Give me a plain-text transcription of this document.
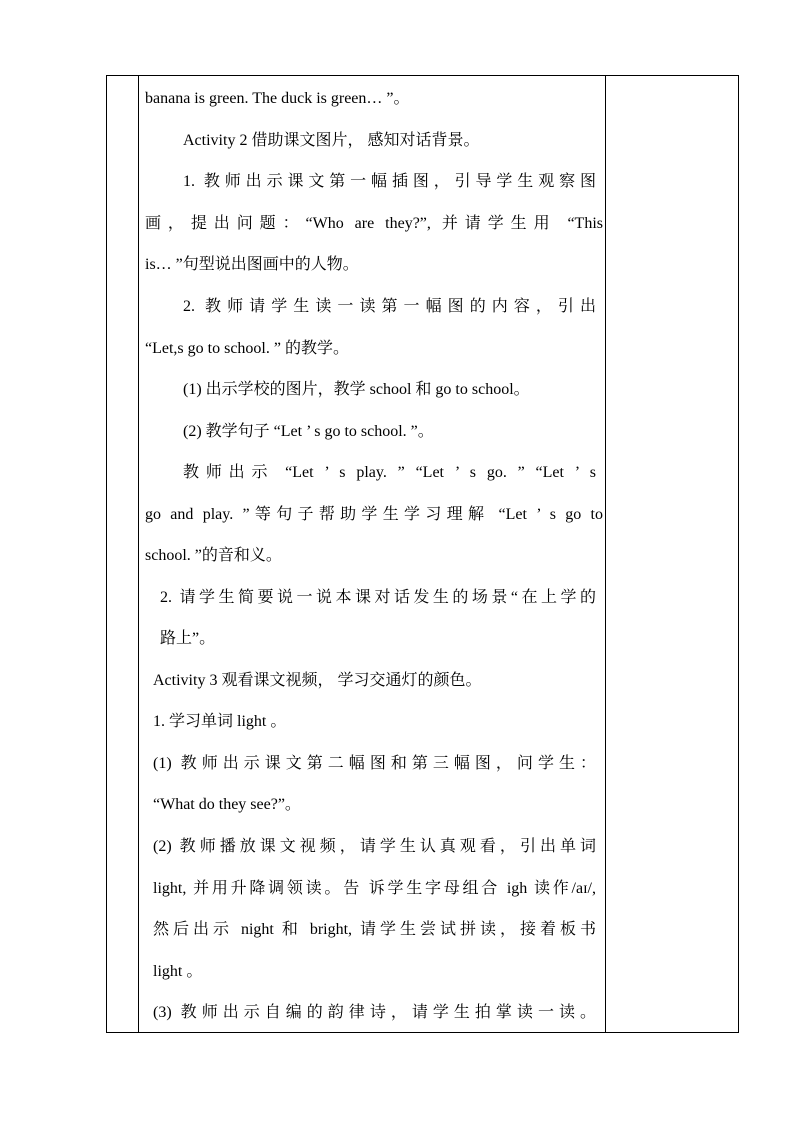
banana is green. The duck is green… ”。
Activity 2 借助课文图片， 感知对话背景。
1. 教师出示课文第一幅插图，引导学生观察图
画，提出问题：“Who are they?”, 并请学生用 “This
is… ”句型说出图画中的人物。
2. 教师请学生读一读第一幅图的内容，引出
“Let,s go to school. ” 的教学。
(1) 出示学校的图片，教学 school 和 go to school。
(2) 教学句子 “Let ’ s go to school. ”。
教师出示 “Let ’ s play. ” “Let ’ s go. ” “Let ’ s
go and play. ”等句子帮助学生学习理解 “Let ’ s go to
school. ”的音和义。
2. 请学生简要说一说本课对话发生的场景“在上学的
路上”。
Activity 3 观看课文视频， 学习交通灯的颜色。
1. 学习单词 light 。
(1) 教师出示课文第二幅图和第三幅图，问学生：
“What do they see?”。
(2) 教师播放课文视频，请学生认真观看，引出单词
light, 并用升降调领读。告 诉学生字母组合 igh 读作/aɪ/,
然后出示 night 和 bright, 请学生尝试拼读，接着板书
light 。
(3) 教师出示自编的韵律诗，请学生拍掌读一读。
